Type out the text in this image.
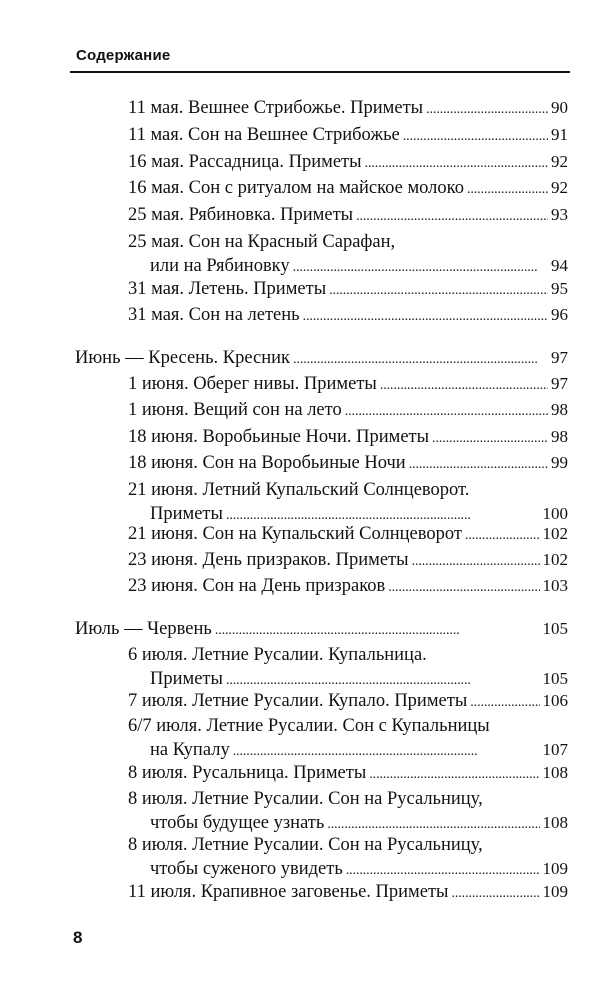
Содержание
11 мая. Вешнее Стрибожье. Приметы . . .	90
11 мая. Сон на Вешнее Стрибожье . . .	91
16 мая. Рассадница. Приметы . . .	92
16 мая. Сон с ритуалом на майское молоко . . .	92
25 мая. Рябиновка. Приметы . . .	93
25 мая. Сон на Красный Сарафан,
или на Рябиновку . . .	94
31 мая. Летень. Приметы . . .	95
31 мая. Сон на летень . . .	96
Июнь — Кресень. Кресник . . .	97
1 июня. Оберег нивы. Приметы . . .	97
1 июня. Вещий сон на лето . . .	98
18 июня. Воробьиные Ночи. Приметы . . .	98
18 июня. Сон на Воробьиные Ночи . . .	99
21 июня. Летний Купальский Солнцеворот.
Приметы . . .	100
21 июня. Сон на Купальский Солнцеворот . . .	102
23 июня. День призраков. Приметы . . .	102
23 июня. Сон на День призраков . . .	103
Июль — Червень . . .	105
6 июля. Летние Русалии. Купальница.
Приметы . . .	105
7 июля. Летние Русалии. Купало. Приметы . . .	106
6/7 июля. Летние Русалии. Сон с Купальницы
на Купалу . . .	107
8 июля. Русальница. Приметы . . .	108
8 июля. Летние Русалии. Сон на Русальницу,
чтобы будущее узнать . . .	108
8 июля. Летние Русалии. Сон на Русальницу,
чтобы суженого увидеть . . .	109
11 июля. Крапивное заговенье. Приметы . . .	109
8
